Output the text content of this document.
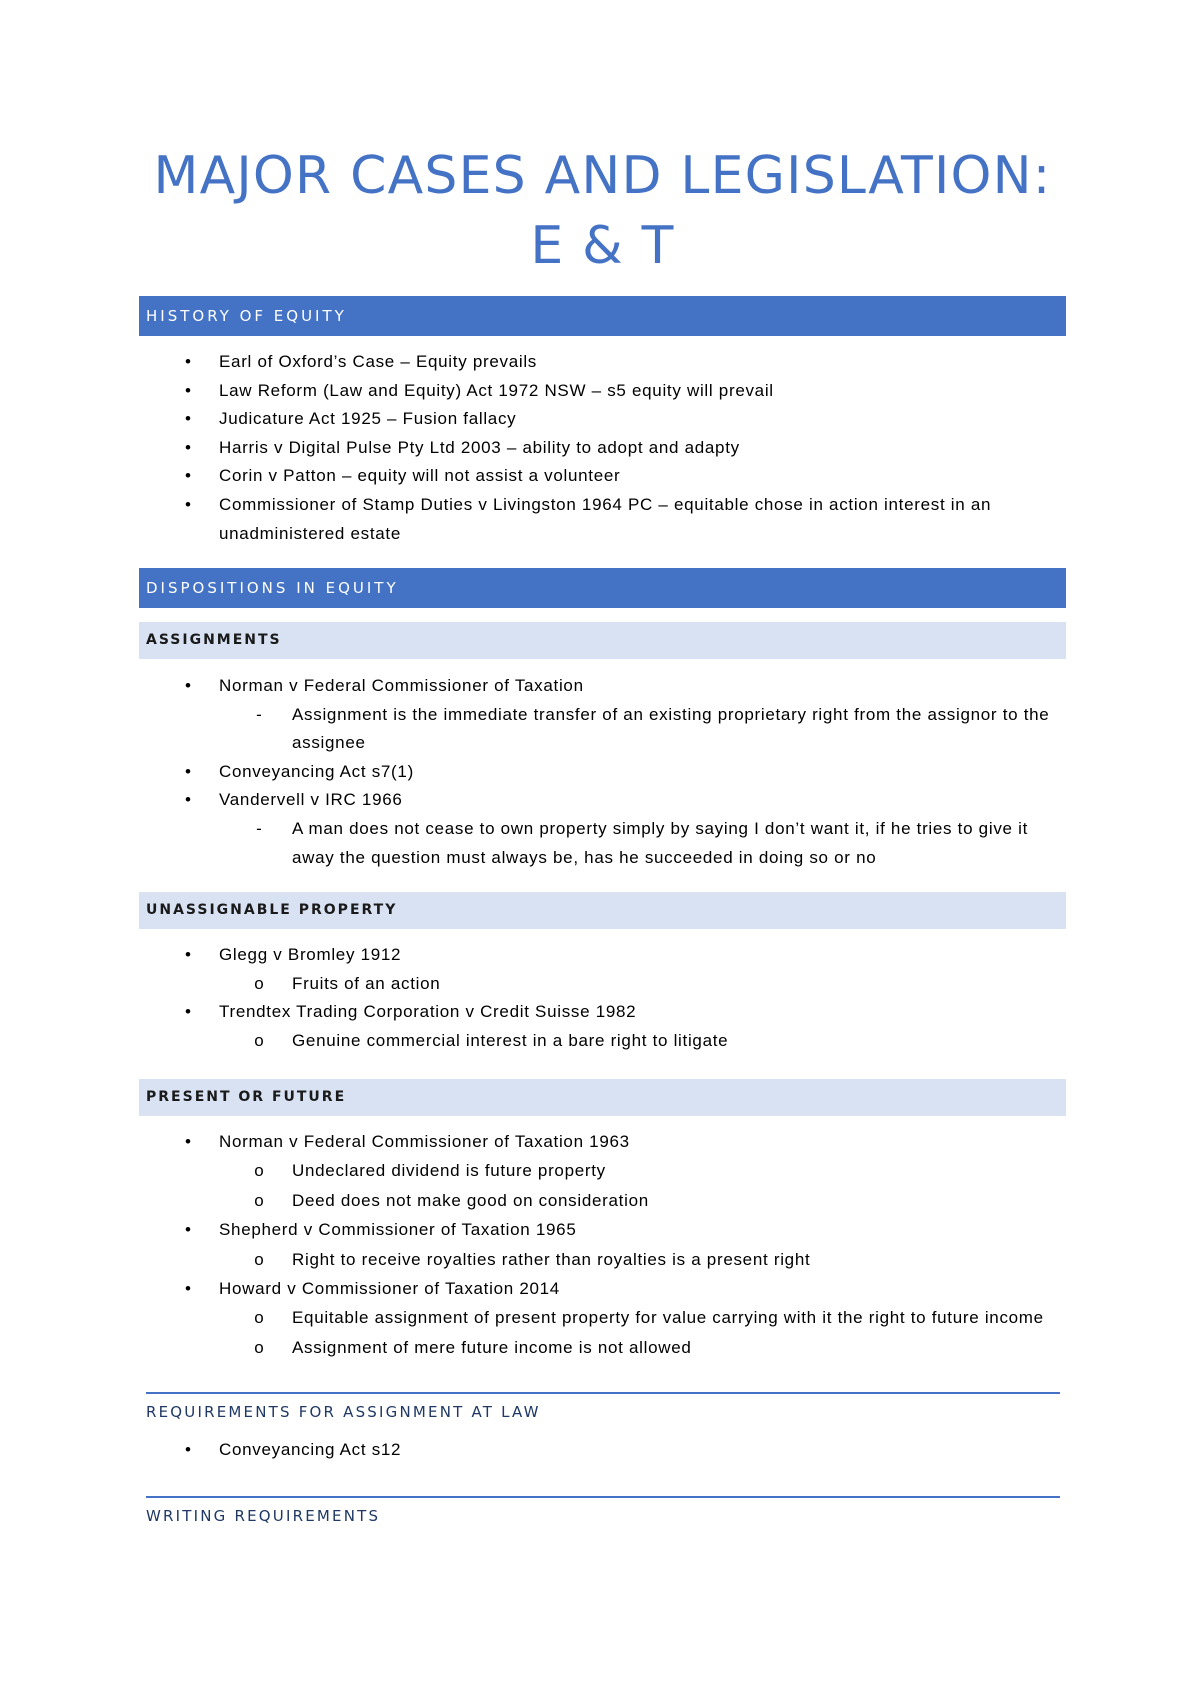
MAJOR CASES AND LEGISLATION:
E & T
HISTORY OF EQUITY
• Earl of Oxford’s Case – Equity prevails
• Law Reform (Law and Equity) Act 1972 NSW – s5 equity will prevail
• Judicature Act 1925 – Fusion fallacy
• Harris v Digital Pulse Pty Ltd 2003 – ability to adopt and adapty
• Corin v Patton – equity will not assist a volunteer
• Commissioner of Stamp Duties v Livingston 1964 PC – equitable chose in action interest in an
unadministered estate
DISPOSITIONS IN EQUITY
ASSIGNMENTS
• Norman v Federal Commissioner of Taxation
- Assignment is the immediate transfer of an existing proprietary right from the assignor to the
assignee
• Conveyancing Act s7(1)
• Vandervell v IRC 1966
- A man does not cease to own property simply by saying I don’t want it, if he tries to give it
away the question must always be, has he succeeded in doing so or no
UNASSIGNABLE PROPERTY
• Glegg v Bromley 1912
o Fruits of an action
• Trendtex Trading Corporation v Credit Suisse 1982
o Genuine commercial interest in a bare right to litigate
PRESENT OR FUTURE
• Norman v Federal Commissioner of Taxation 1963
o Undeclared dividend is future property
o Deed does not make good on consideration
• Shepherd v Commissioner of Taxation 1965
o Right to receive royalties rather than royalties is a present right
• Howard v Commissioner of Taxation 2014
o Equitable assignment of present property for value carrying with it the right to future income
o Assignment of mere future income is not allowed
REQUIREMENTS FOR ASSIGNMENT AT LAW
• Conveyancing Act s12
WRITING REQUIREMENTS
